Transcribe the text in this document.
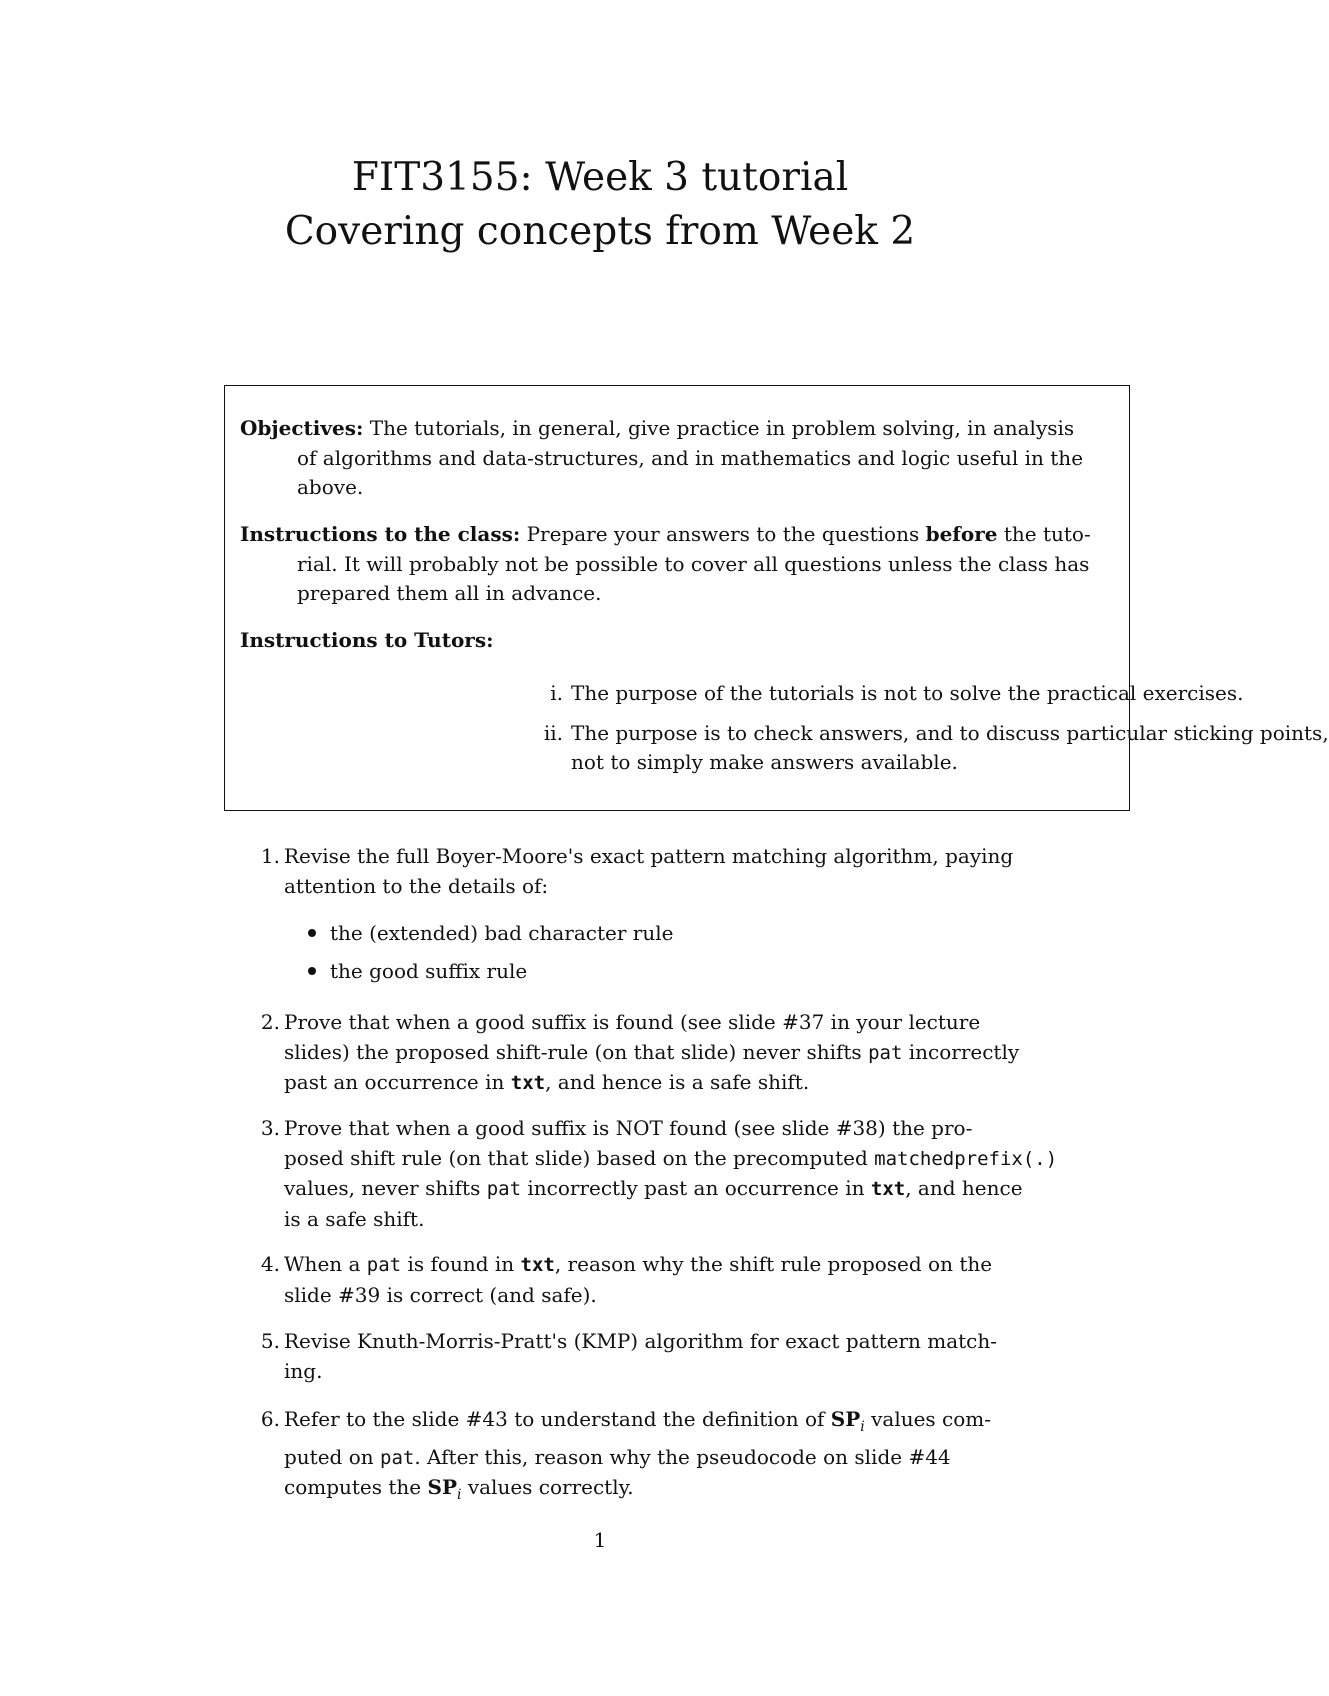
FIT3155: Week 3 tutorial
Covering concepts from Week 2
Objectives: The tutorials, in general, give practice in problem solving, in analysis
of algorithms and data-structures, and in mathematics and logic useful in the
above.
Instructions to the class: Prepare your answers to the questions before the tuto-
rial. It will probably not be possible to cover all questions unless the class has
prepared them all in advance.
Instructions to Tutors:
i. The purpose of the tutorials is not to solve the practical exercises.
ii. The purpose is to check answers, and to discuss particular sticking points,
not to simply make answers available.
1. Revise the full Boyer-Moore's exact pattern matching algorithm, paying
attention to the details of:
the (extended) bad character rule
the good suffix rule
2. Prove that when a good suffix is found (see slide #37 in your lecture
slides) the proposed shift-rule (on that slide) never shifts pat incorrectly
past an occurrence in txt, and hence is a safe shift.
3. Prove that when a good suffix is NOT found (see slide #38) the pro-
posed shift rule (on that slide) based on the precomputed matchedprefix(.)
values, never shifts pat incorrectly past an occurrence in txt, and hence
is a safe shift.
4. When a pat is found in txt, reason why the shift rule proposed on the
slide #39 is correct (and safe).
5. Revise Knuth-Morris-Pratt's (KMP) algorithm for exact pattern match-
ing.
6. Refer to the slide #43 to understand the definition of $SP_i$ values com-
puted on pat. After this, reason why the pseudocode on slide #44
computes the $SP_i$ values correctly.
1
